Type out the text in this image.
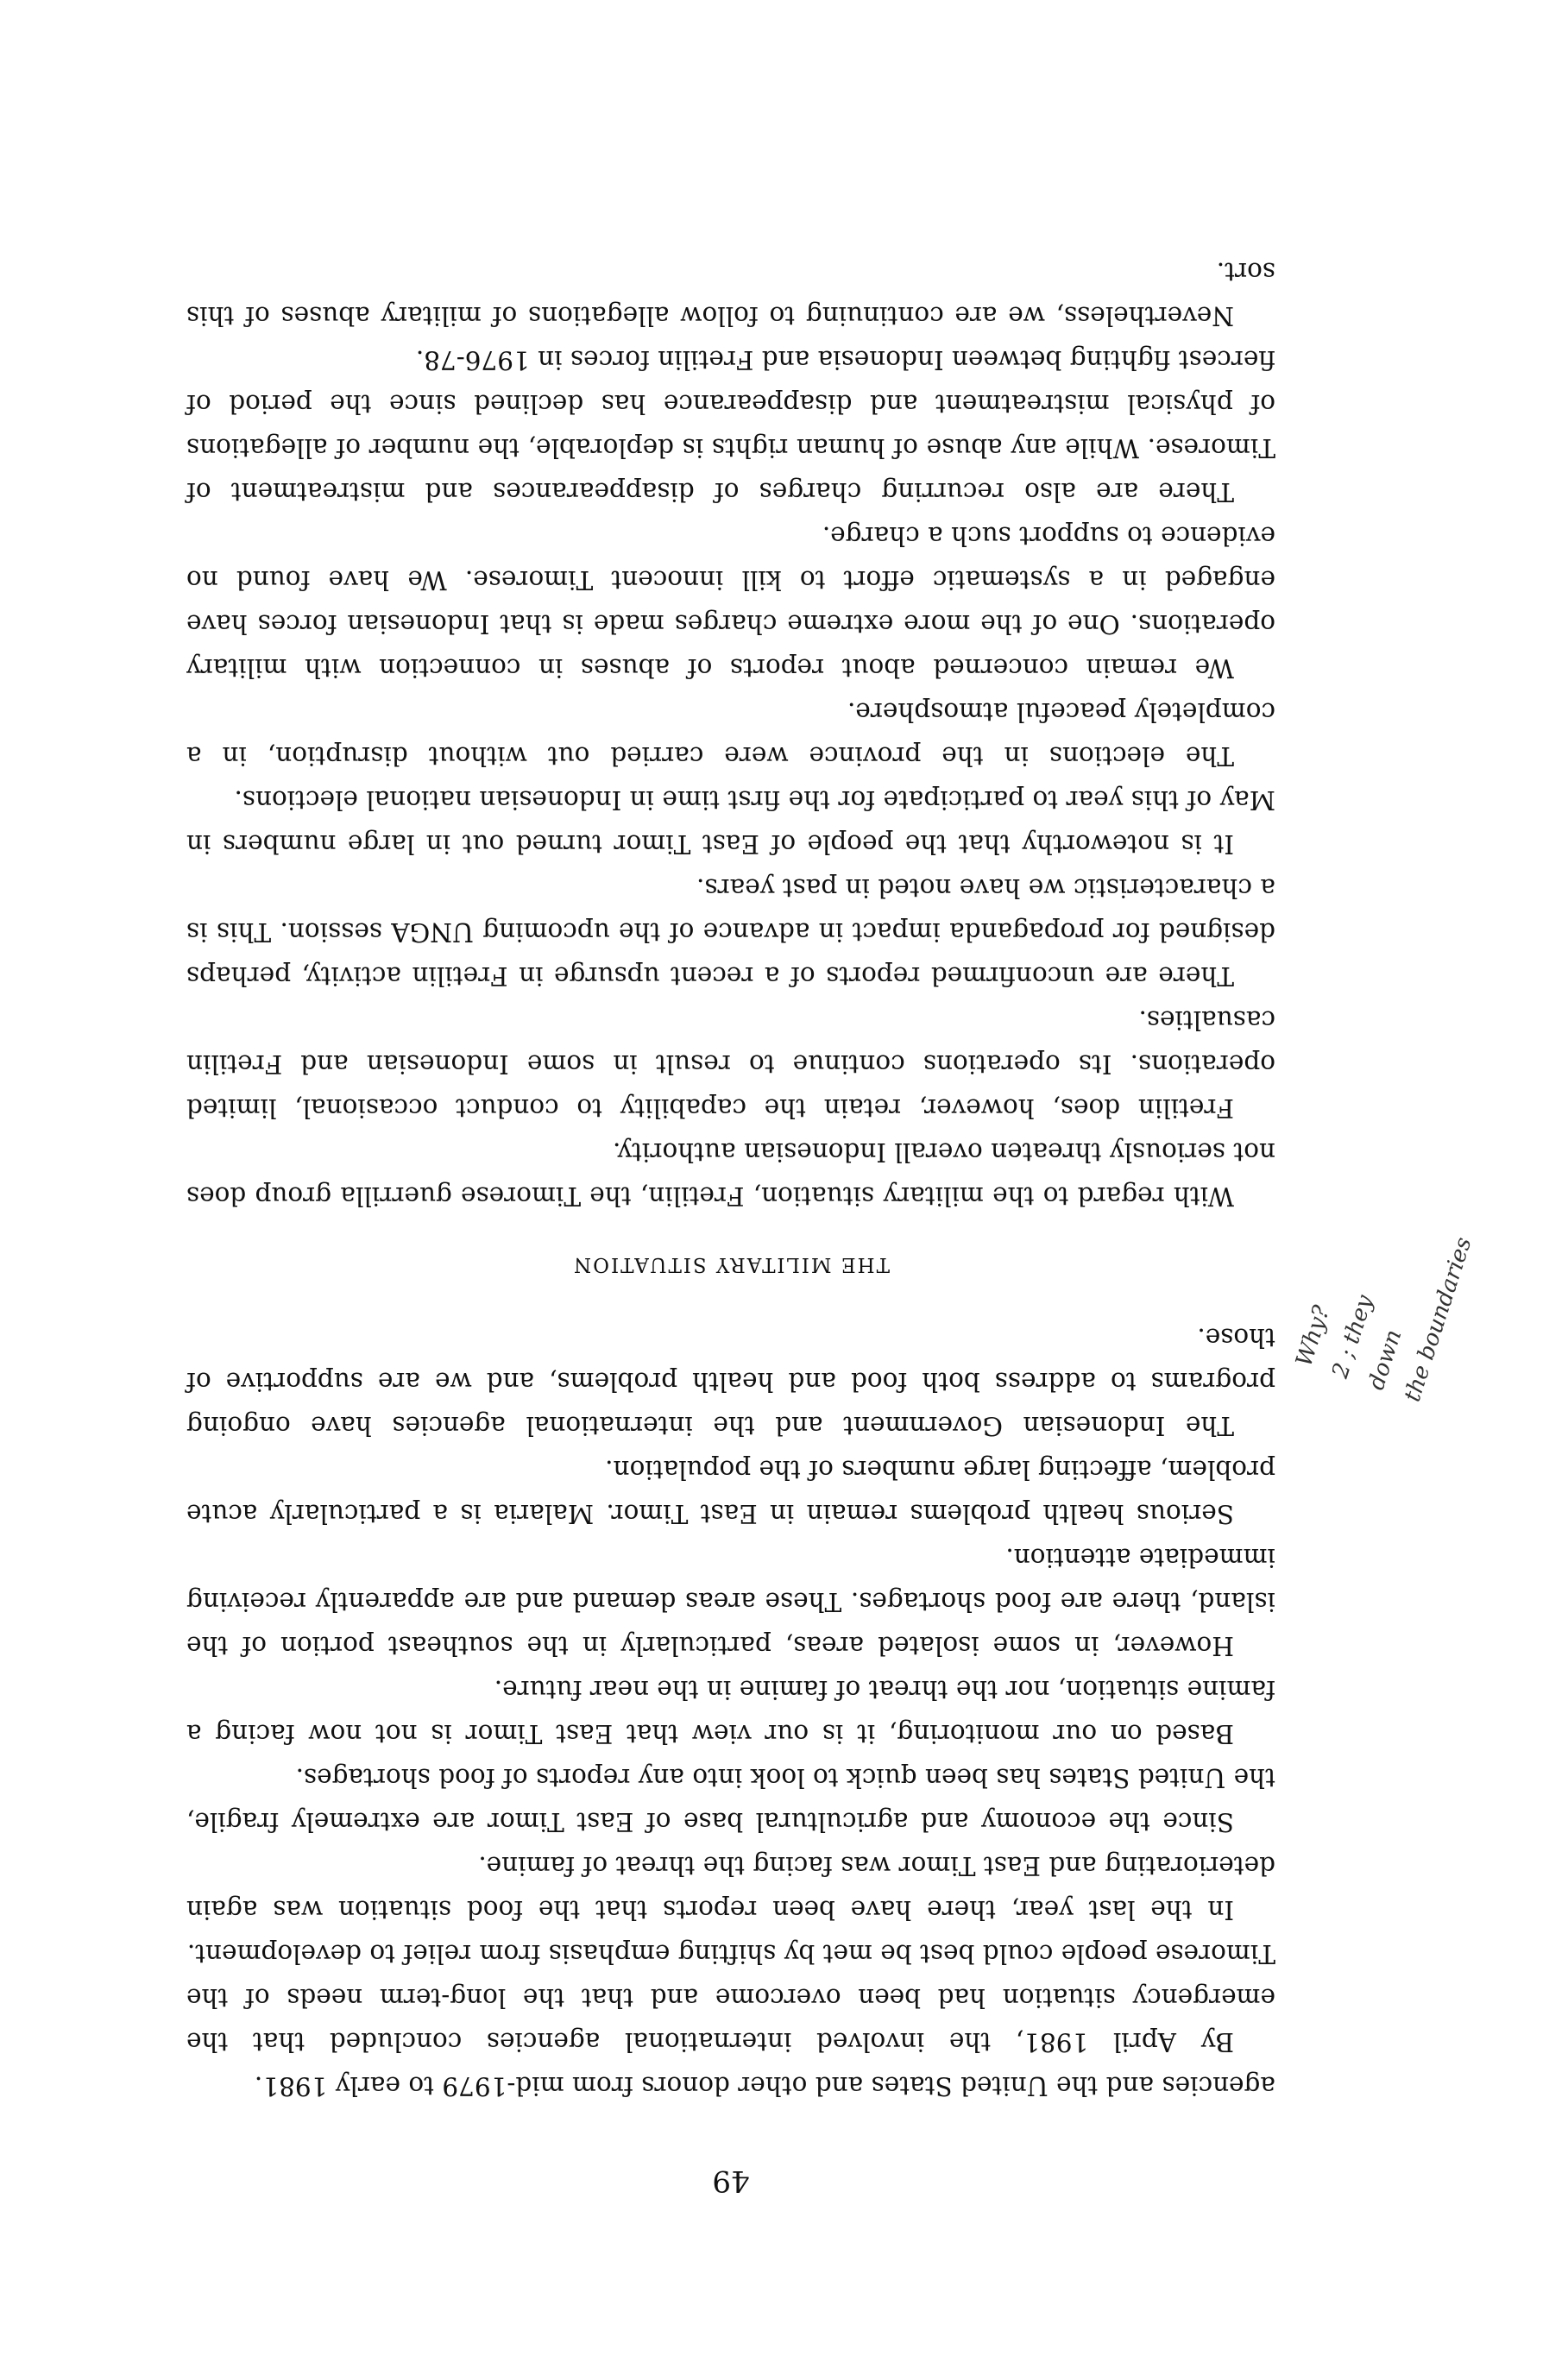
49

agencies and the United States and other donors from mid-1979 to early 1981.

By April 1981, the involved international agencies concluded that the emergency situation had been overcome and that the long-term needs of the Timorese people could best be met by shifting emphasis from relief to development.

In the last year, there have been reports that the food situation was again deteriorating and East Timor was facing the threat of famine.

Since the economy and agricultural base of East Timor are extremely fragile, the United States has been quick to look into any reports of food shortages.

Based on our monitoring, it is our view that East Timor is not now facing a famine situation, nor the threat of famine in the near future.

However, in some isolated areas, particularly in the southeast portion of the island, there are food shortages. These areas demand and are apparently receiving immediate attention.

Serious health problems remain in East Timor. Malaria is a particularly acute problem, affecting large numbers of the population.

The Indonesian Government and the international agencies have ongoing programs to address both food and health problems, and we are supportive of those.

THE MILITARY SITUATION

With regard to the military situation, Fretilin, the Timorese guerrilla group does not seriously threaten overall Indonesian authority.

Fretilin does, however, retain the capability to conduct occasional, limited operations. Its operations continue to result in some Indonesian and Fretilin casualties.

There are unconfirmed reports of a recent upsurge in Fretilin activity, perhaps designed for propaganda impact in advance of the upcoming UNGA session. This is a characteristic we have noted in past years.

It is noteworthy that the people of East Timor turned out in large numbers in May of this year to participate for the first time in Indonesian national elections.

The elections in the province were carried out without disruption, in a completely peaceful atmosphere.

We remain concerned about reports of abuses in connection with military operations. One of the more extreme charges made is that Indonesian forces have engaged in a systematic effort to kill innocent Timorese. We have found no evidence to support such a charge.

There are also recurring charges of disappearances and mistreatment of Timorese. While any abuse of human rights is deplorable, the number of allegations of physical mistreatment and disappearance has declined since the period of fiercest fighting between Indonesia and Fretilin forces in 1976-78.

Nevertheless, we are continuing to follow allegations of military abuses of this sort.

Why?
2 ; they
down
the boundaries
